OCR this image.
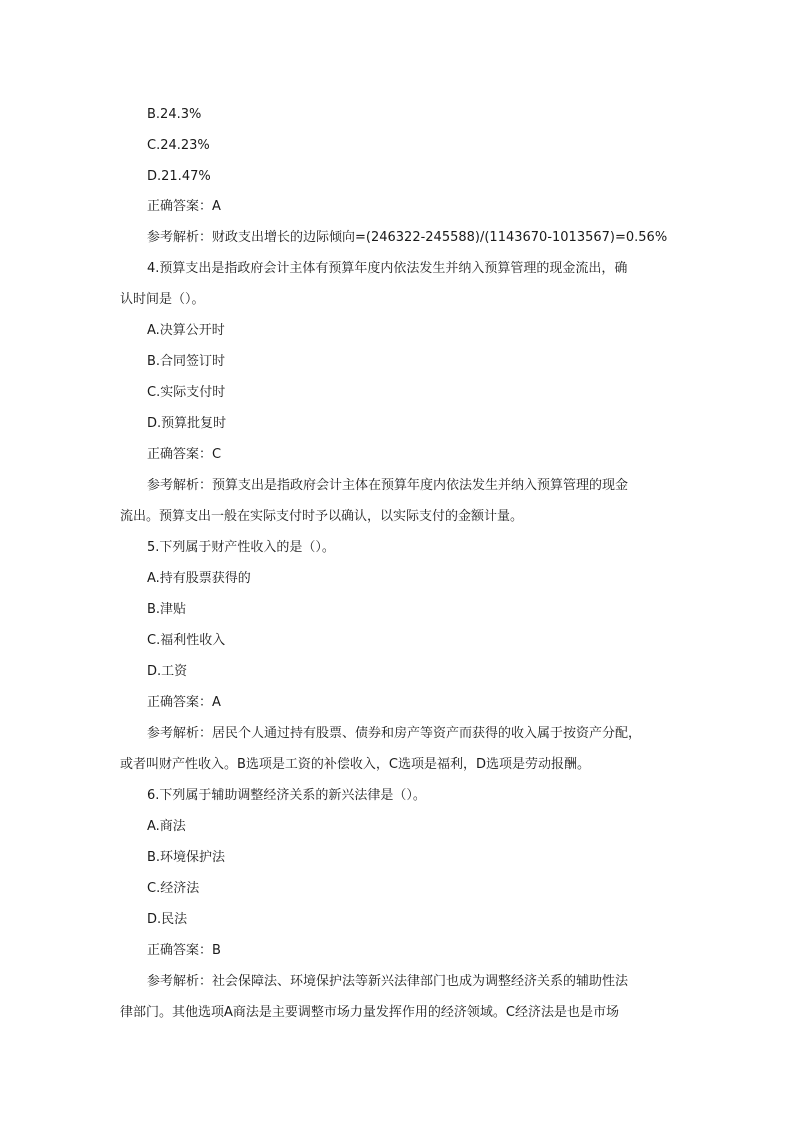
B.24.3%
C.24.23%
D.21.47%
正确答案：A
参考解析：财政支出增长的边际倾向=(246322-245588)/(1143670-1013567)=0.56%
4.预算支出是指政府会计主体有预算年度内依法发生并纳入预算管理的现金流出，确
认时间是（）。
A.决算公开时
B.合同签订时
C.实际支付时
D.预算批复时
正确答案：C
参考解析：预算支出是指政府会计主体在预算年度内依法发生并纳入预算管理的现金
流出。预算支出一般在实际支付时予以确认，以实际支付的金额计量。
5.下列属于财产性收入的是（）。
A.持有股票获得的
B.津贴
C.福利性收入
D.工资
正确答案：A
参考解析：居民个人通过持有股票、债券和房产等资产而获得的收入属于按资产分配，
或者叫财产性收入。B选项是工资的补偿收入，C选项是福利，D选项是劳动报酬。
6.下列属于辅助调整经济关系的新兴法律是（）。
A.商法
B.环境保护法
C.经济法
D.民法
正确答案：B
参考解析：社会保障法、环境保护法等新兴法律部门也成为调整经济关系的辅助性法
律部门。其他选项A商法是主要调整市场力量发挥作用的经济领域。C经济法是也是市场
